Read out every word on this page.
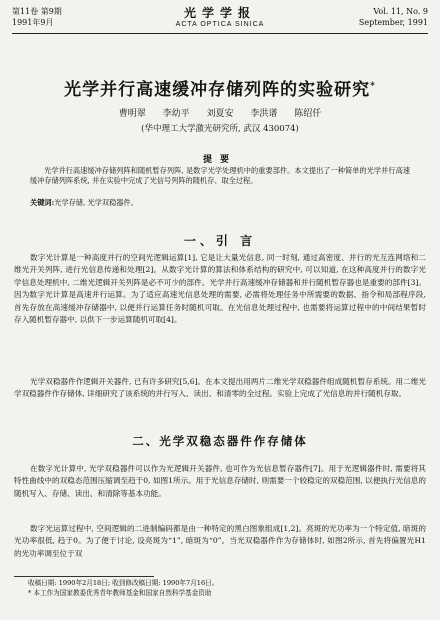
第11卷 第9期
1991年9月
光学学报
ACTA OPTICA SINICA
Vol. 11, No. 9
September, 1991
光学并行高速缓冲存储列阵的实验研究*
曹明翠 李幼平 刘夏安 李洪谱 陈绍仟
(华中理工大学激光研究所, 武汉 430074)
提要
光学并行高速缓冲存储列阵和随机暂存列阵, 是数字光学处理机中的重要部件。本文提出了一种简单的光学并行高速缓冲存储列阵系统, 并在实验中完成了光信号列阵的随机存、取全过程。
关键词:光学存储, 光学双稳器件。
一、引 言
数字光计算是一种高度并行的空间光逻辑运算[1], 它是让大量光信息, 同一时刻, 通过高密度、并行的光互连网络和二维光开关列阵, 进行光信息传递和处理[2]。从数字光计算的算法和体系结构的研究中, 可以知道, 在这种高度并行的数字光学信息处理机中, 二维光逻辑开关列阵是必不可少的部件。光学并行高速缓冲存储器和并行随机暂存器也是重要的部件[3]。因为数字光计算是高速并行运算。为了适应高速光信息处理的需要, 必需将处理任务中所需要的数据、指令和局部程序段, 首先存放在高速缓冲存储器中, 以便并行运算任务时随机可取。在光信息处理过程中, 也需要将运算过程中的中间结果暂时存入随机暂存器中, 以供下一步运算随机可取[4]。
光学双稳器件作逻辑开关器件, 已有许多研究[5,6]。在本文提出用两片二维光学双稳器件组成随机暂存系统。用二维光学双稳器件作存储体, 详细研究了该系统的并行写入、读出、和清零的全过程。实验上完成了光信息的并行随机存取。
二、光学双稳态器件作存储体
在数字光计算中, 光学双稳器件可以作为光逻辑开关器件, 也可作为光信息暂存器件[7]。用于光逻辑器件时, 需要将其特性曲线中的双稳态范围压缩调至趋于0, 如图1所示。用于光信息存储时, 则需要一个较稳定的双稳范围, 以便执行光信息的随机写入、存储、读出、和清除等基本功能。
数字光运算过程中, 空间逻辑的二进制编码都是由一种特定的黑白图象组成[1,2]。亮斑的光功率为一个特定值, 暗斑的光功率很低, 趋于0。为了便于讨论, 设亮斑为“1”, 暗斑为“0”。当光双稳器件作为存储体时, 如图2所示, 首先将偏置光H1的光功率调至位于双
收稿日期: 1990年2月18日; 收到修改稿日期: 1990年7月16日。
* 本工作为国家教委优秀青年教师基金和国家自然科学基金资助
